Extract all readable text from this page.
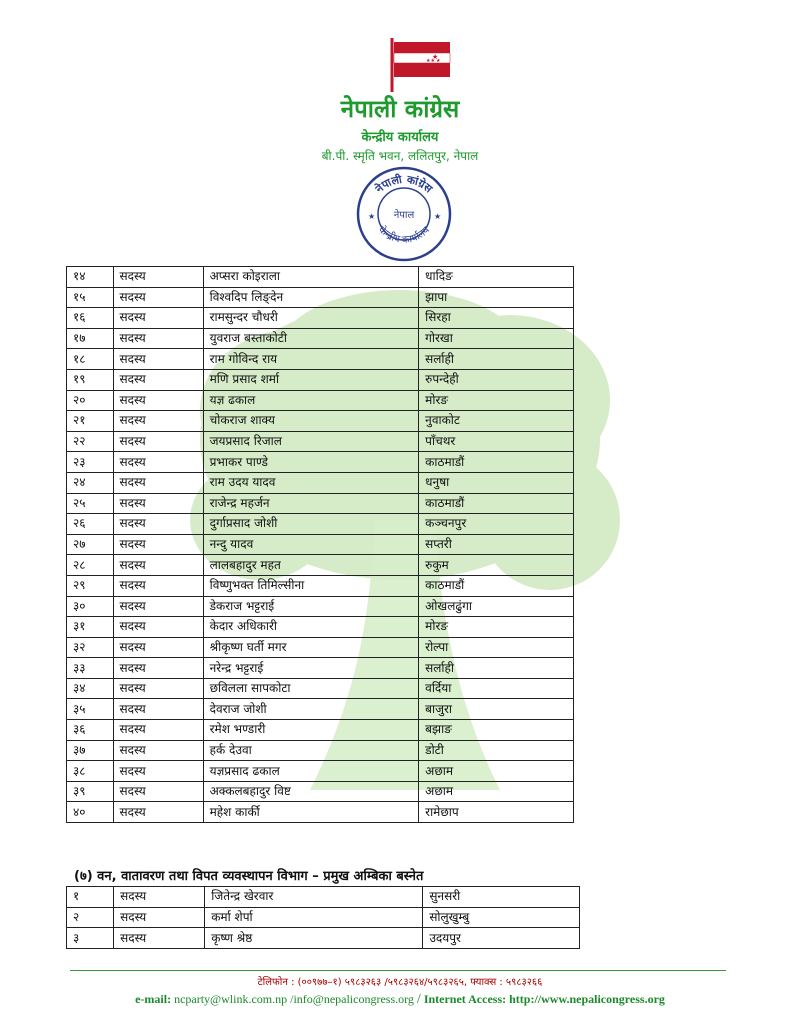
★
★★ ★
नेपाली कांग्रेस
केन्द्रीय कार्यालय
बी.पी. स्मृति भवन, ललितपुर, नेपाल
नेपाली कांग्रेस
नेपाल
केन्द्रीय कार्यालय
★	★
१४	सदस्य	अप्सरा कोइराला	धादिङ
१५	सदस्य	विश्वदिप लिङ्देन	झापा
१६	सदस्य	रामसुन्दर चौधरी	सिरहा
१७	सदस्य	युवराज बस्ताकोटी	गोरखा
१८	सदस्य	राम गोविन्द राय	सर्लाही
१९	सदस्य	मणि प्रसाद शर्मा	रुपन्देही
२०	सदस्य	यज्ञ ढकाल	मोरङ
२१	सदस्य	चोकराज शाक्य	नुवाकोट
२२	सदस्य	जयप्रसाद रिजाल	पाँचथर
२३	सदस्य	प्रभाकर पाण्डे	काठमाडौं
२४	सदस्य	राम उदय यादव	धनुषा
२५	सदस्य	राजेन्द्र महर्जन	काठमाडौं
२६	सदस्य	दुर्गाप्रसाद जोशी	कञ्चनपुर
२७	सदस्य	नन्दु यादव	सप्तरी
२८	सदस्य	लालबहादुर महत	रुकुम
२९	सदस्य	विष्णुभक्त तिमिल्सीना	काठमाडौं
३०	सदस्य	डेकराज भट्टराई	ओखलढुंगा
३१	सदस्य	केदार अधिकारी	मोरङ
३२	सदस्य	श्रीकृष्ण घर्ती मगर	रोल्पा
३३	सदस्य	नरेन्द्र भट्टराई	सर्लाही
३४	सदस्य	छविलला सापकोटा	वर्दिया
३५	सदस्य	देवराज जोशी	बाजुरा
३६	सदस्य	रमेश भण्डारी	बझाङ
३७	सदस्य	हर्क देउवा	डोटी
३८	सदस्य	यज्ञप्रसाद ढकाल	अछाम
३९	सदस्य	अक्कलबहादुर विष्ट	अछाम
४०	सदस्य	महेश कार्की	रामेछाप
(७) वन, वातावरण तथा विपत व्यवस्थापन विभाग – प्रमुख अम्बिका बस्नेत
१	सदस्य	जितेन्द्र खेरवार	सुनसरी
२	सदस्य	कर्मा शेर्पा	सोलुखुम्बु
३	सदस्य	कृष्ण श्रेष्ठ	उदयपुर
टेलिफोन : (००९७७–१) ५९८३२६३ /५९८३२६४/५९८३२६५, फ्याक्स : ५९८३२६६
e-mail: ncparty@wlink.com.np /info@nepalicongress.org / Internet Access: http://www.nepalicongress.org
